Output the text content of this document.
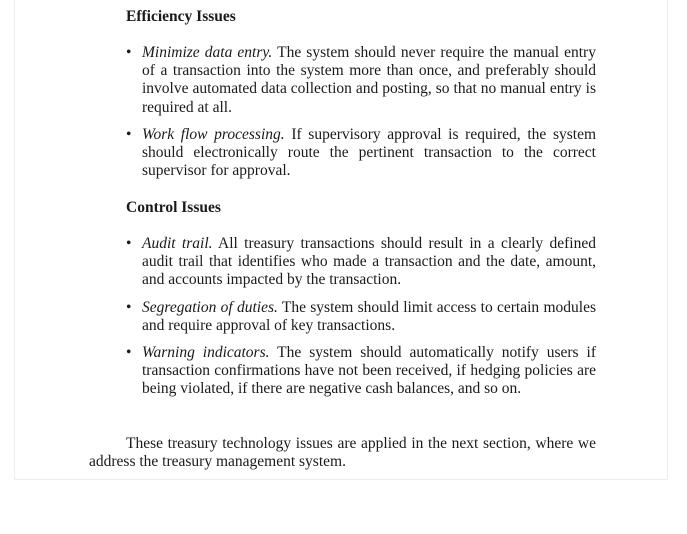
Efficiency Issues
• Minimize data entry. The system should never require the manual entry of a transaction into the system more than once, and preferably should involve automated data collection and posting, so that no manual entry is required at all.
• Work flow processing. If supervisory approval is required, the system should electronically route the pertinent transaction to the correct supervisor for approval.
Control Issues
• Audit trail. All treasury transactions should result in a clearly defined audit trail that identifies who made a transaction and the date, amount, and accounts impacted by the transaction.
• Segregation of duties. The system should limit access to certain modules and require approval of key transactions.
• Warning indicators. The system should automatically notify users if transaction confirmations have not been received, if hedging policies are being violated, if there are negative cash balances, and so on.

These treasury technology issues are applied in the next section, where we address the treasury management system.
